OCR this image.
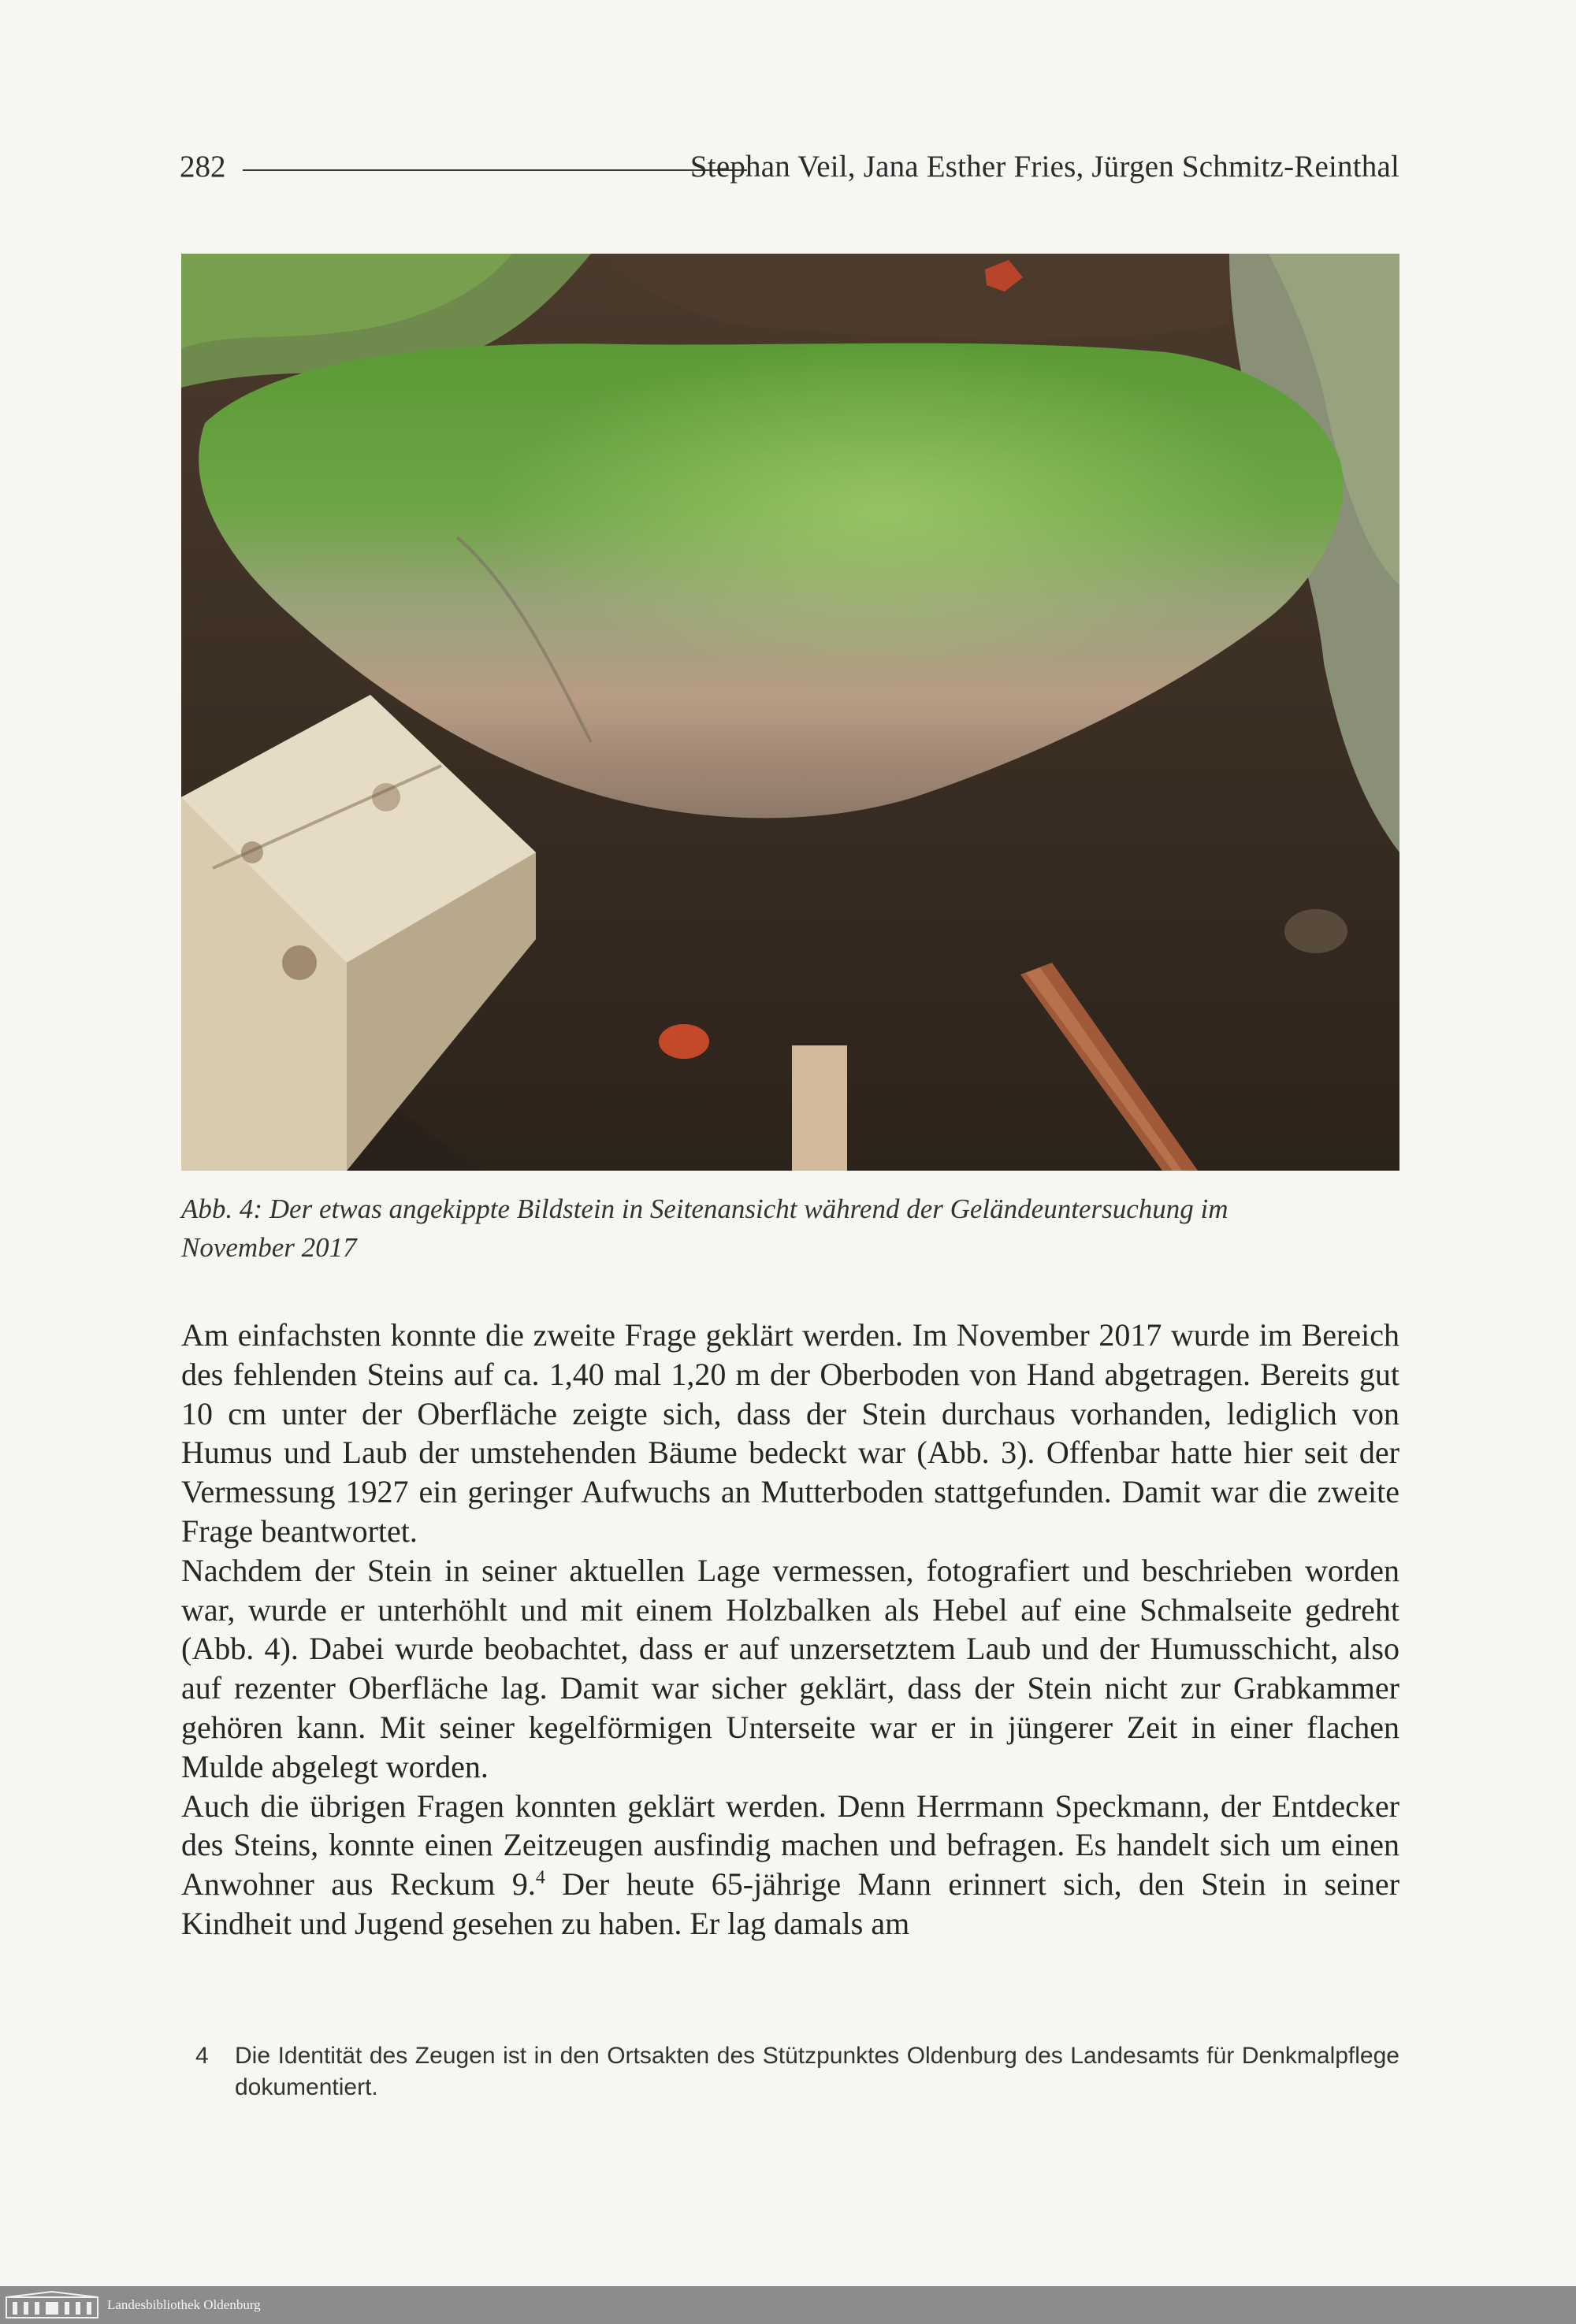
282	Stephan Veil, Jana Esther Fries, Jürgen Schmitz-Reinthal
Abb. 4: Der etwas angekippte Bildstein in Seitenansicht während der Geländeuntersuchung im
November 2017

Am einfachsten konnte die zweite Frage geklärt werden. Im November 2017 wurde im Bereich des fehlenden Steins auf ca. 1,40 mal 1,20 m der Oberboden von Hand abgetragen. Bereits gut 10 cm unter der Oberfläche zeigte sich, dass der Stein durchaus vorhanden, lediglich von Humus und Laub der umstehenden Bäume bedeckt war (Abb. 3). Offenbar hatte hier seit der Vermessung 1927 ein geringer Aufwuchs an Mutterboden stattgefunden. Damit war die zweite Frage beantwortet.

Nachdem der Stein in seiner aktuellen Lage vermessen, fotografiert und beschrieben worden war, wurde er unterhöhlt und mit einem Holzbalken als Hebel auf eine Schmalseite gedreht (Abb. 4). Dabei wurde beobachtet, dass er auf unzersetztem Laub und der Humusschicht, also auf rezenter Oberfläche lag. Damit war sicher geklärt, dass der Stein nicht zur Grabkammer gehören kann. Mit seiner kegelförmigen Unterseite war er in jüngerer Zeit in einer flachen Mulde abgelegt worden.

Auch die übrigen Fragen konnten geklärt werden. Denn Herrmann Speckmann, der Entdecker des Steins, konnte einen Zeitzeugen ausfindig machen und befragen. Es handelt sich um einen Anwohner aus Reckum 9.$^4$ Der heute 65-jährige Mann erinnert sich, den Stein in seiner Kindheit und Jugend gesehen zu haben. Er lag damals am

4 Die Identität des Zeugen ist in den Ortsakten des Stützpunktes Oldenburg des Landesamts für Denkmalpflege dokumentiert.
Landesbibliothek Oldenburg
